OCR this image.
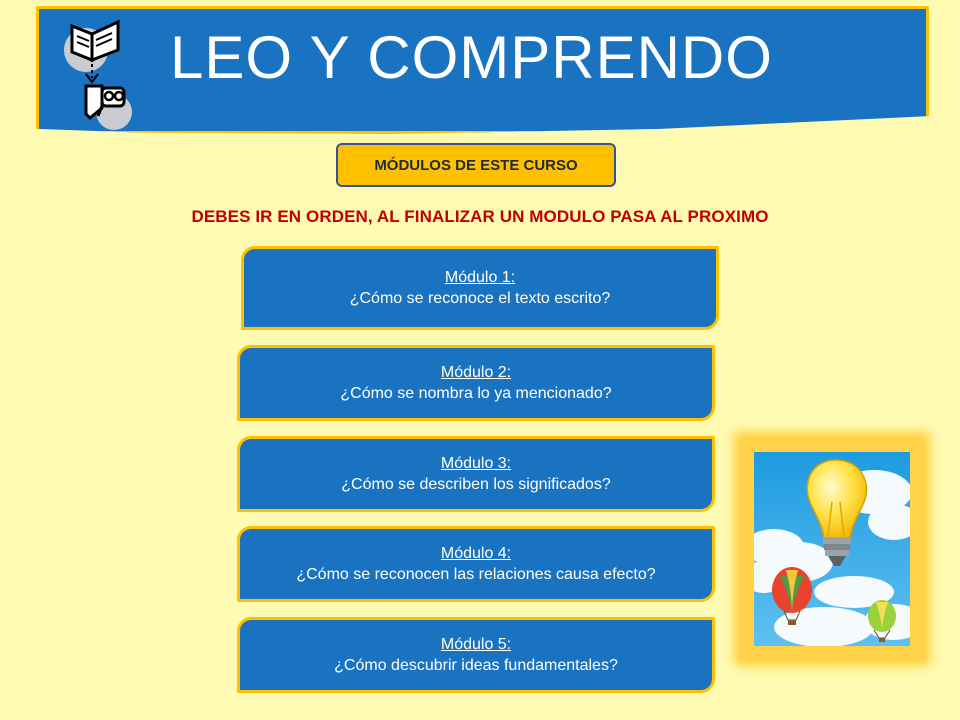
LEO Y COMPRENDO
MÓDULOS DE ESTE CURSO
DEBES IR EN ORDEN, AL FINALIZAR UN MODULO PASA AL PROXIMO
Módulo 1:
¿Cómo se reconoce el texto escrito?
Módulo 2:
¿Cómo se nombra lo ya mencionado?
Módulo 3:
¿Cómo se describen los significados?
Módulo 4:
¿Cómo se reconocen las relaciones causa efecto?
Módulo 5:
¿Cómo descubrir ideas fundamentales?
